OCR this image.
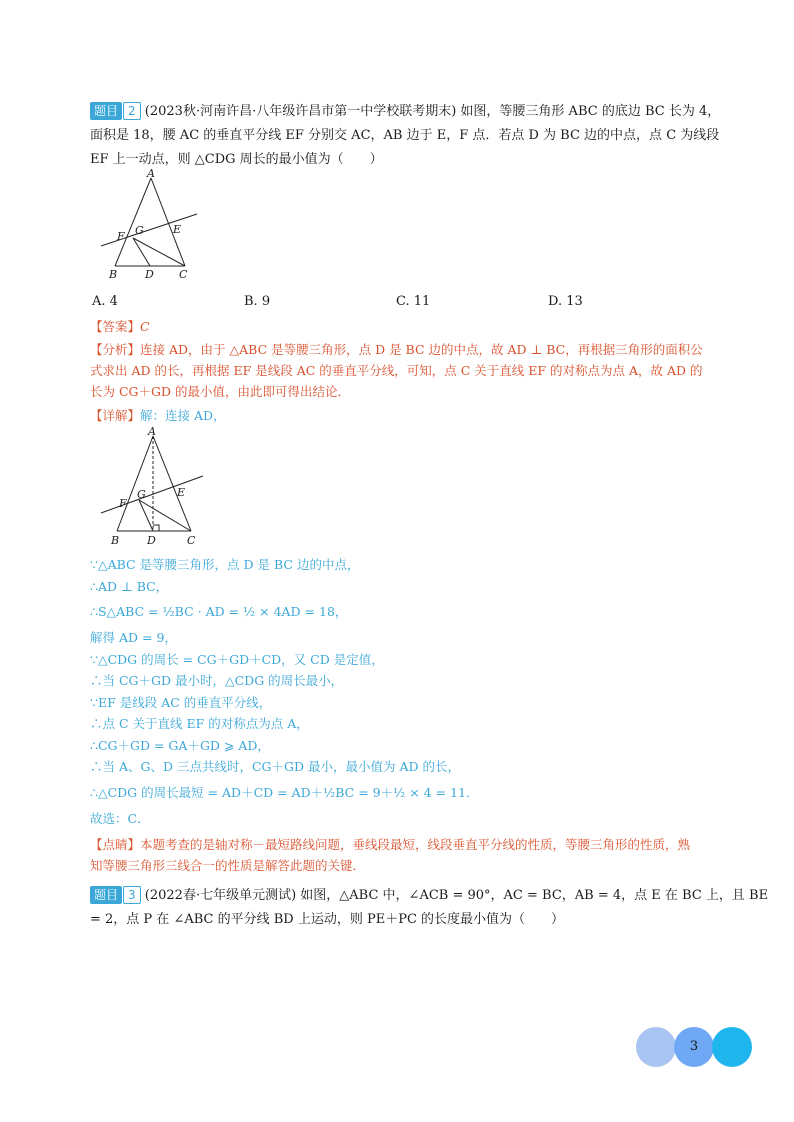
题目 2 (2023秋·河南许昌·八年级许昌市第一中学校联考期末) 如图，等腰三角形 ABC 的底边 BC 长为 4，
面积是 18，腰 AC 的垂直平分线 EF 分别交 AC，AB 边于 E，F 点．若点 D 为 BC 边的中点，点 C 为线段
EF 上一动点，则 △CDG 周长的最小值为（　　）
A
F G	E
B	D C
A. 4	B. 9	C. 11	D. 13
【答案】C
【分析】连接 AD，由于 △ABC 是等腰三角形，点 D 是 BC 边的中点，故 AD ⊥ BC，再根据三角形的面积公
式求出 AD 的长，再根据 EF 是线段 AC 的垂直平分线，可知，点 C 关于直线 EF 的对称点为点 A，故 AD 的
长为 CG＋GD 的最小值，由此即可得出结论．
【详解】解：连接 AD，
A
F
G	E
B	D	C
∵△ABC 是等腰三角形，点 D 是 BC 边的中点，
∴AD ⊥ BC，
∴S△ABC = ½BC · AD = ½ × 4AD = 18，
解得 AD = 9，
∵△CDG 的周长 = CG＋GD＋CD，又 CD 是定值，
∴当 CG＋GD 最小时，△CDG 的周长最小，
∵EF 是线段 AC 的垂直平分线，
∴点 C 关于直线 EF 的对称点为点 A，
∴CG＋GD = GA＋GD ⩾ AD，
∴当 A、G、D 三点共线时，CG＋GD 最小，最小值为 AD 的长，
∴△CDG 的周长最短 = AD＋CD = AD＋½BC = 9＋½ × 4 = 11．
故选：C．
【点睛】本题考查的是轴对称－最短路线问题，垂线段最短，线段垂直平分线的性质，等腰三角形的性质，熟
知等腰三角形三线合一的性质是解答此题的关键．
题目 3 (2022春·七年级单元测试) 如图，△ABC 中，∠ACB = 90°，AC = BC，AB = 4，点 E 在 BC 上，且 BE
= 2，点 P 在 ∠ABC 的平分线 BD 上运动，则 PE＋PC 的长度最小值为（　　）
3
